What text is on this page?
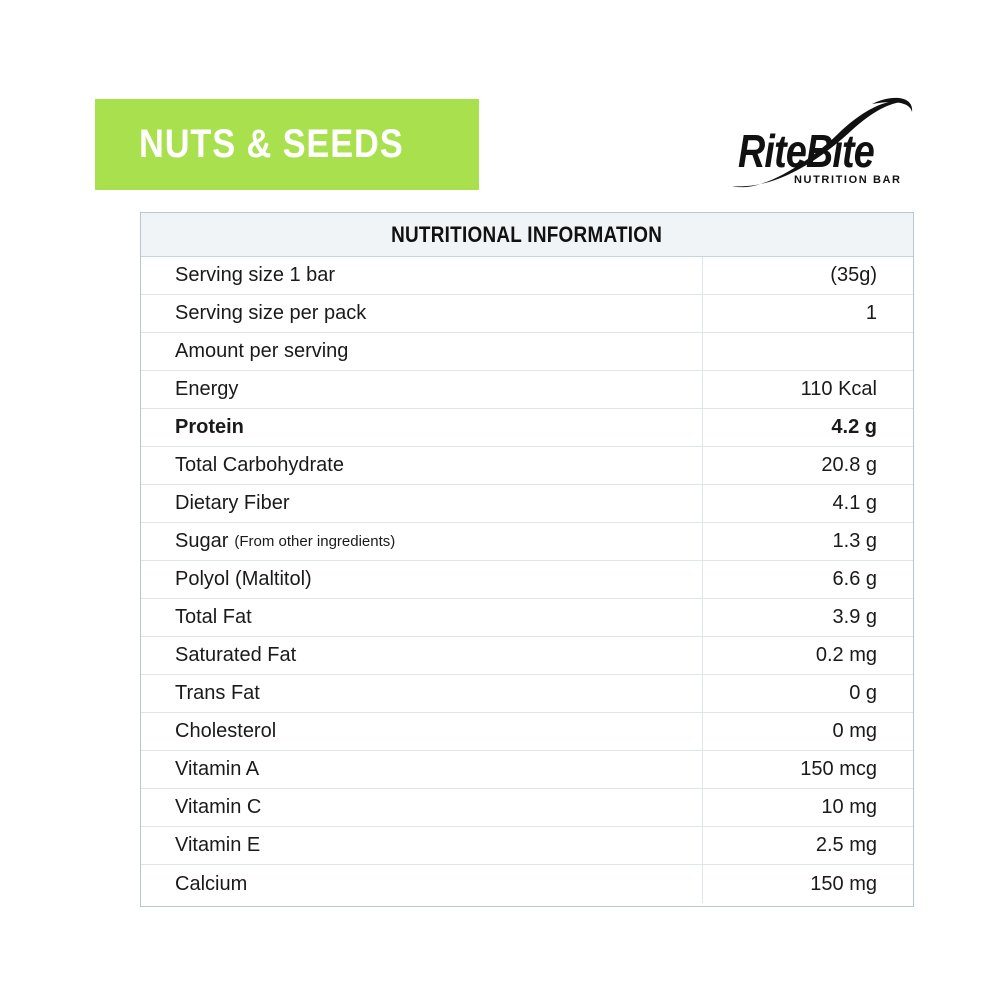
NUTS & SEEDS	RiteBite
NUTRITION BAR
NUTRITIONAL INFORMATION
Serving size 1 bar	(35g)
Serving size per pack	1
Amount per serving
Energy	110 Kcal
Protein	4.2 g
Total Carbohydrate	20.8 g
Dietary Fiber	4.1 g
Sugar (From other ingredients)	1.3 g
Polyol (Maltitol)	6.6 g
Total Fat	3.9 g
Saturated Fat	0.2 mg
Trans Fat	0 g
Cholesterol	0 mg
Vitamin A	150 mcg
Vitamin C	10 mg
Vitamin E	2.5 mg
Calcium	150 mg
